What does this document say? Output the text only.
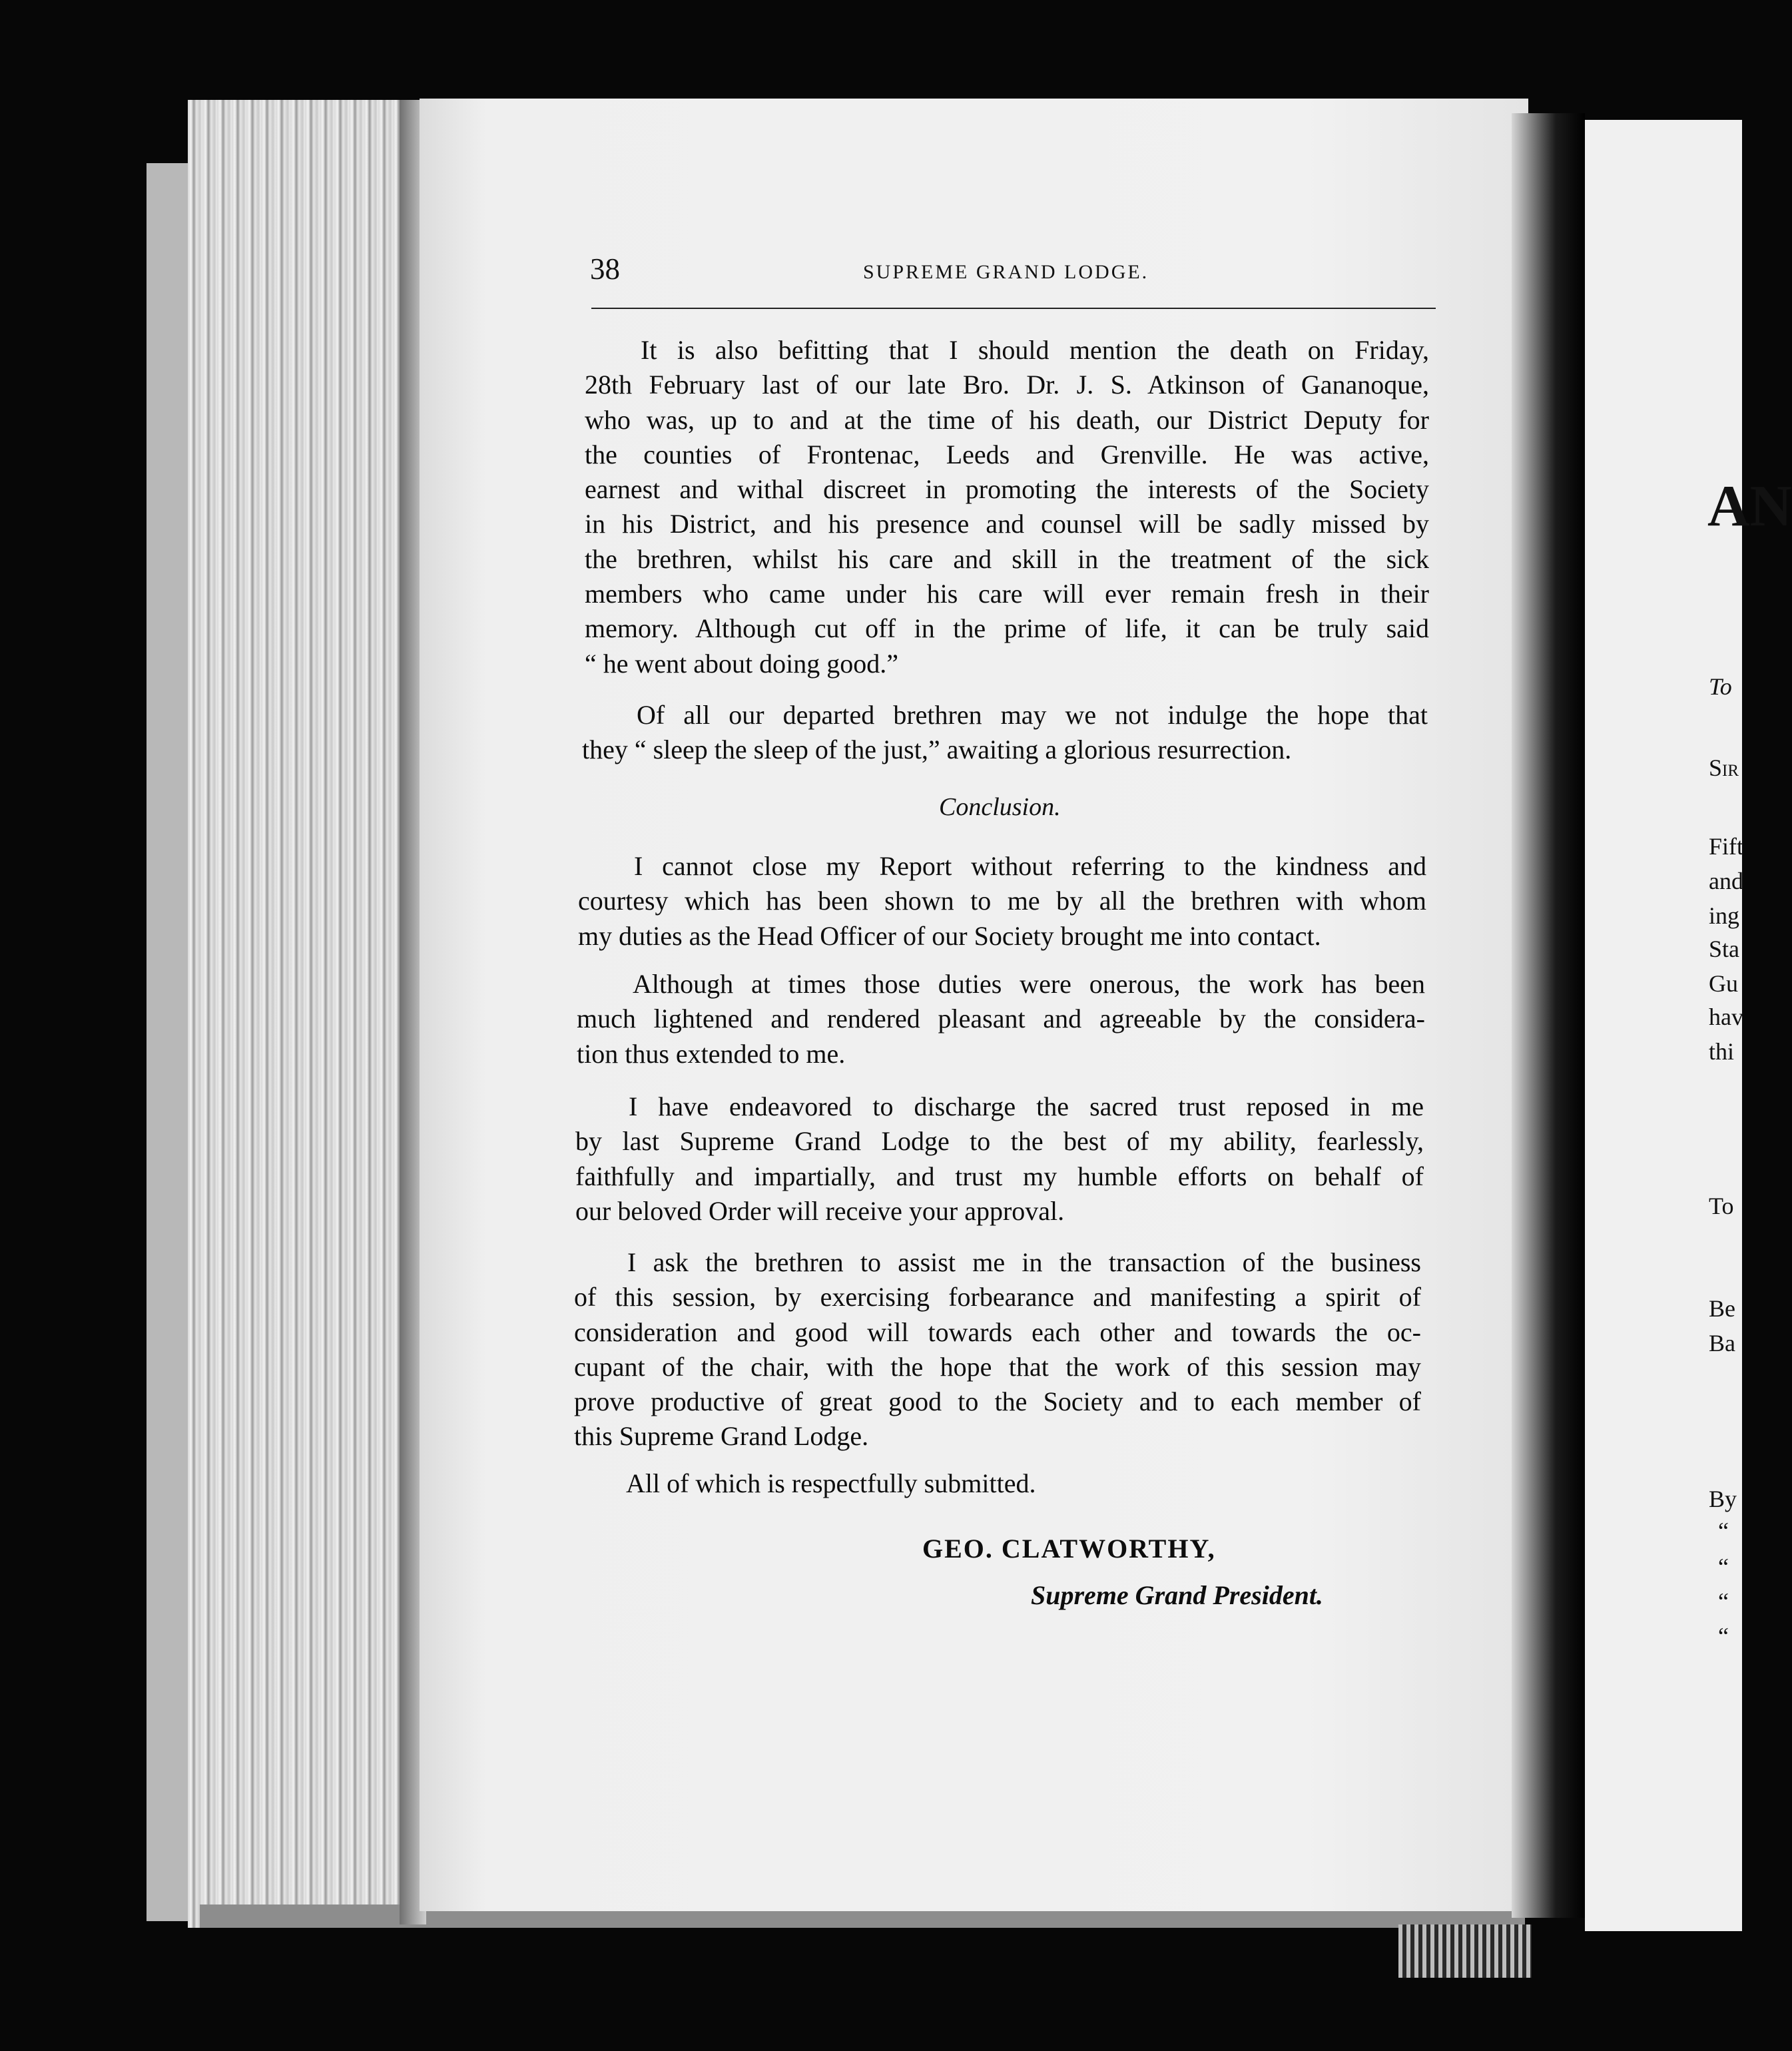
38	SUPREME GRAND LODGE.
It is also befitting that I should mention the death on Friday,
28th February last of our late Bro. Dr. J. S. Atkinson of Gananoque,
who was, up to and at the time of his death, our District Deputy for
the counties of Frontenac, Leeds and Grenville. He was active,
earnest and withal discreet in promoting the interests of the Society
in his District, and his presence and counsel will be sadly missed by
the brethren, whilst his care and skill in the treatment of the sick
members who came under his care will ever remain fresh in their
memory. Although cut off in the prime of life, it can be truly said
“ he went about doing good.”
Of all our departed brethren may we not indulge the hope that
they “ sleep the sleep of the just,” awaiting a glorious resurrection.
Conclusion.
I cannot close my Report without referring to the kindness and
courtesy which has been shown to me by all the brethren with whom
my duties as the Head Officer of our Society brought me into contact.
Although at times those duties were onerous, the work has been
much lightened and rendered pleasant and agreeable by the considera-
tion thus extended to me.
I have endeavored to discharge the sacred trust reposed in me
by last Supreme Grand Lodge to the best of my ability, fearlessly,
faithfully and impartially, and trust my humble efforts on behalf of
our beloved Order will receive your approval.
I ask the brethren to assist me in the transaction of the business
of this session, by exercising forbearance and manifesting a spirit of
consideration and good will towards each other and towards the oc-
cupant of the chair, with the hope that the work of this session may
prove productive of great good to the Society and to each member of
this Supreme Grand Lodge.
All of which is respectfully submitted.
GEO. CLATWORTHY,
Supreme Grand President.
AN
To
Sir
Fift
and
ing
Sta
Gu
hav
thi
To
Be
Ba
By
“
“
“
“
